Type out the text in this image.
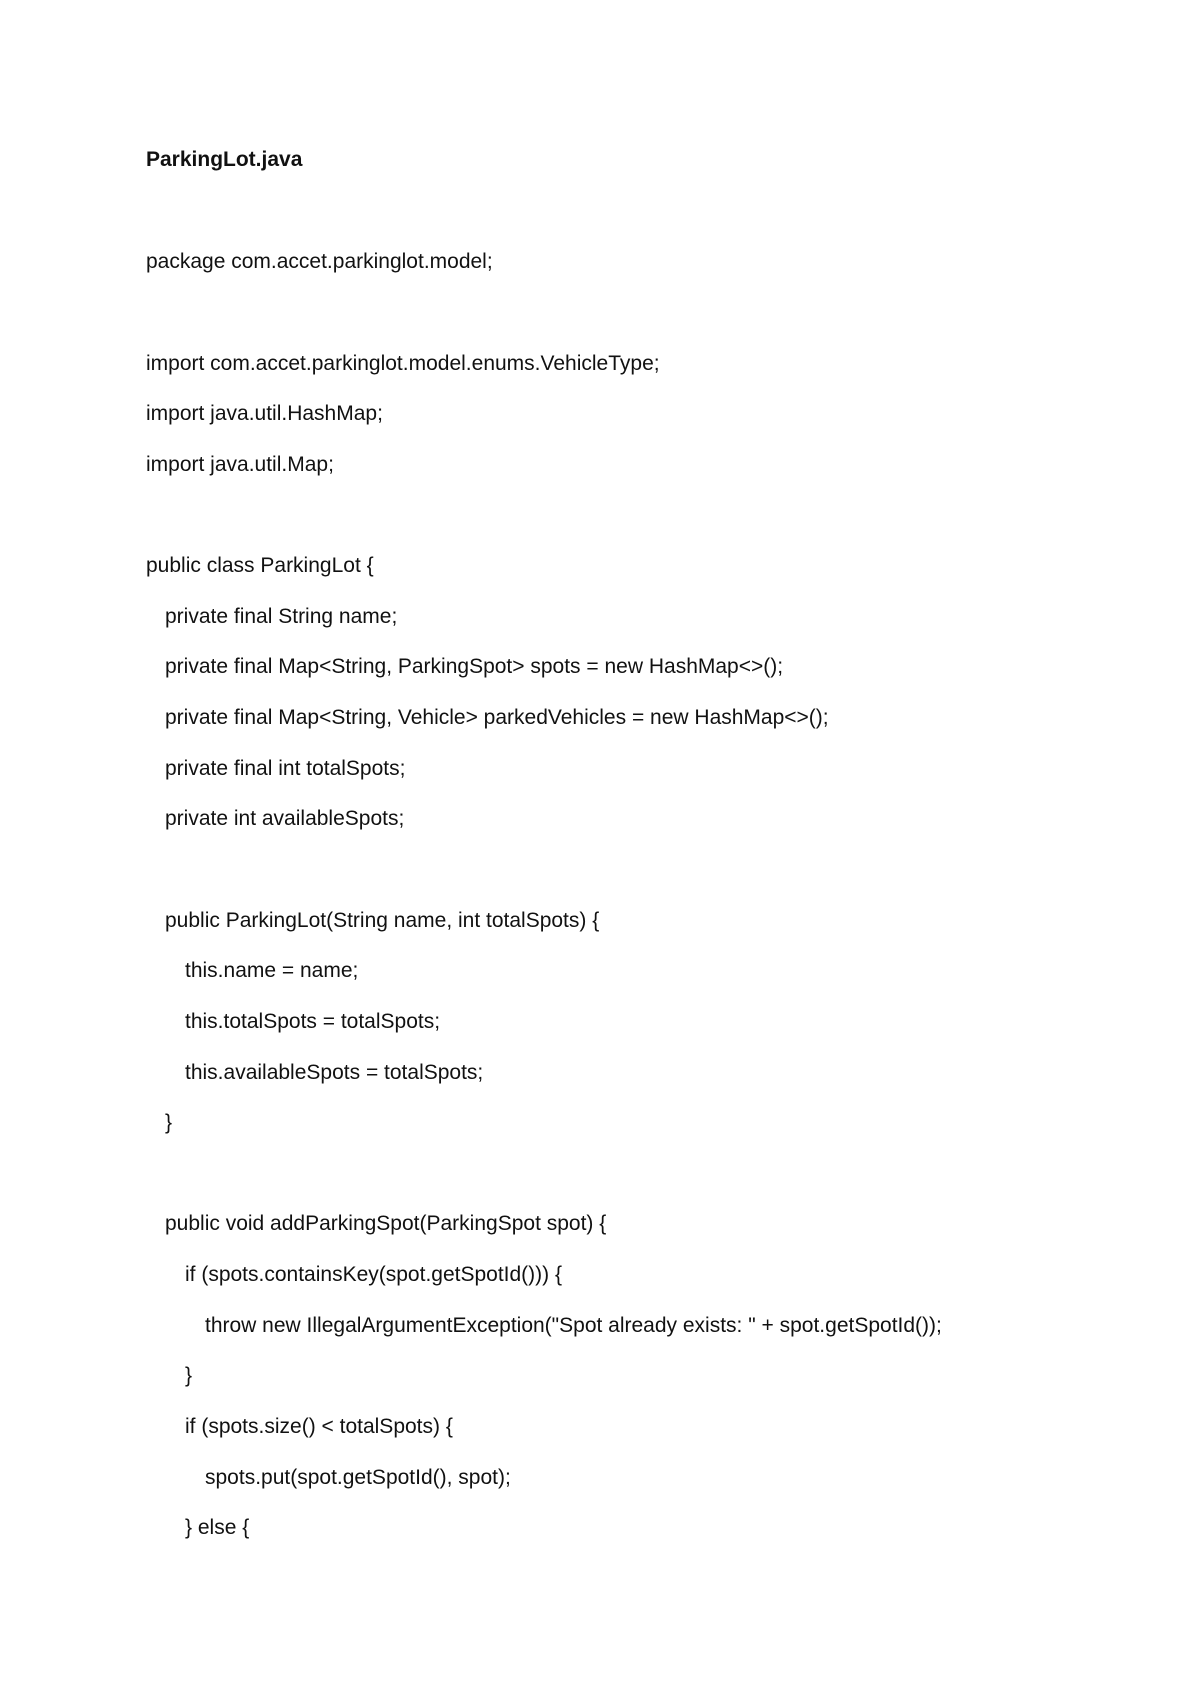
ParkingLot.java
package com.accet.parkinglot.model;
import com.accet.parkinglot.model.enums.VehicleType;
import java.util.HashMap;
import java.util.Map;
public class ParkingLot {
private final String name;
private final Map<String, ParkingSpot> spots = new HashMap<>();
private final Map<String, Vehicle> parkedVehicles = new HashMap<>();
private final int totalSpots;
private int availableSpots;
public ParkingLot(String name, int totalSpots) {
this.name = name;
this.totalSpots = totalSpots;
this.availableSpots = totalSpots;
}
public void addParkingSpot(ParkingSpot spot) {
if (spots.containsKey(spot.getSpotId())) {
throw new IllegalArgumentException("Spot already exists: " + spot.getSpotId());
}
if (spots.size() < totalSpots) {
spots.put(spot.getSpotId(), spot);
} else {
